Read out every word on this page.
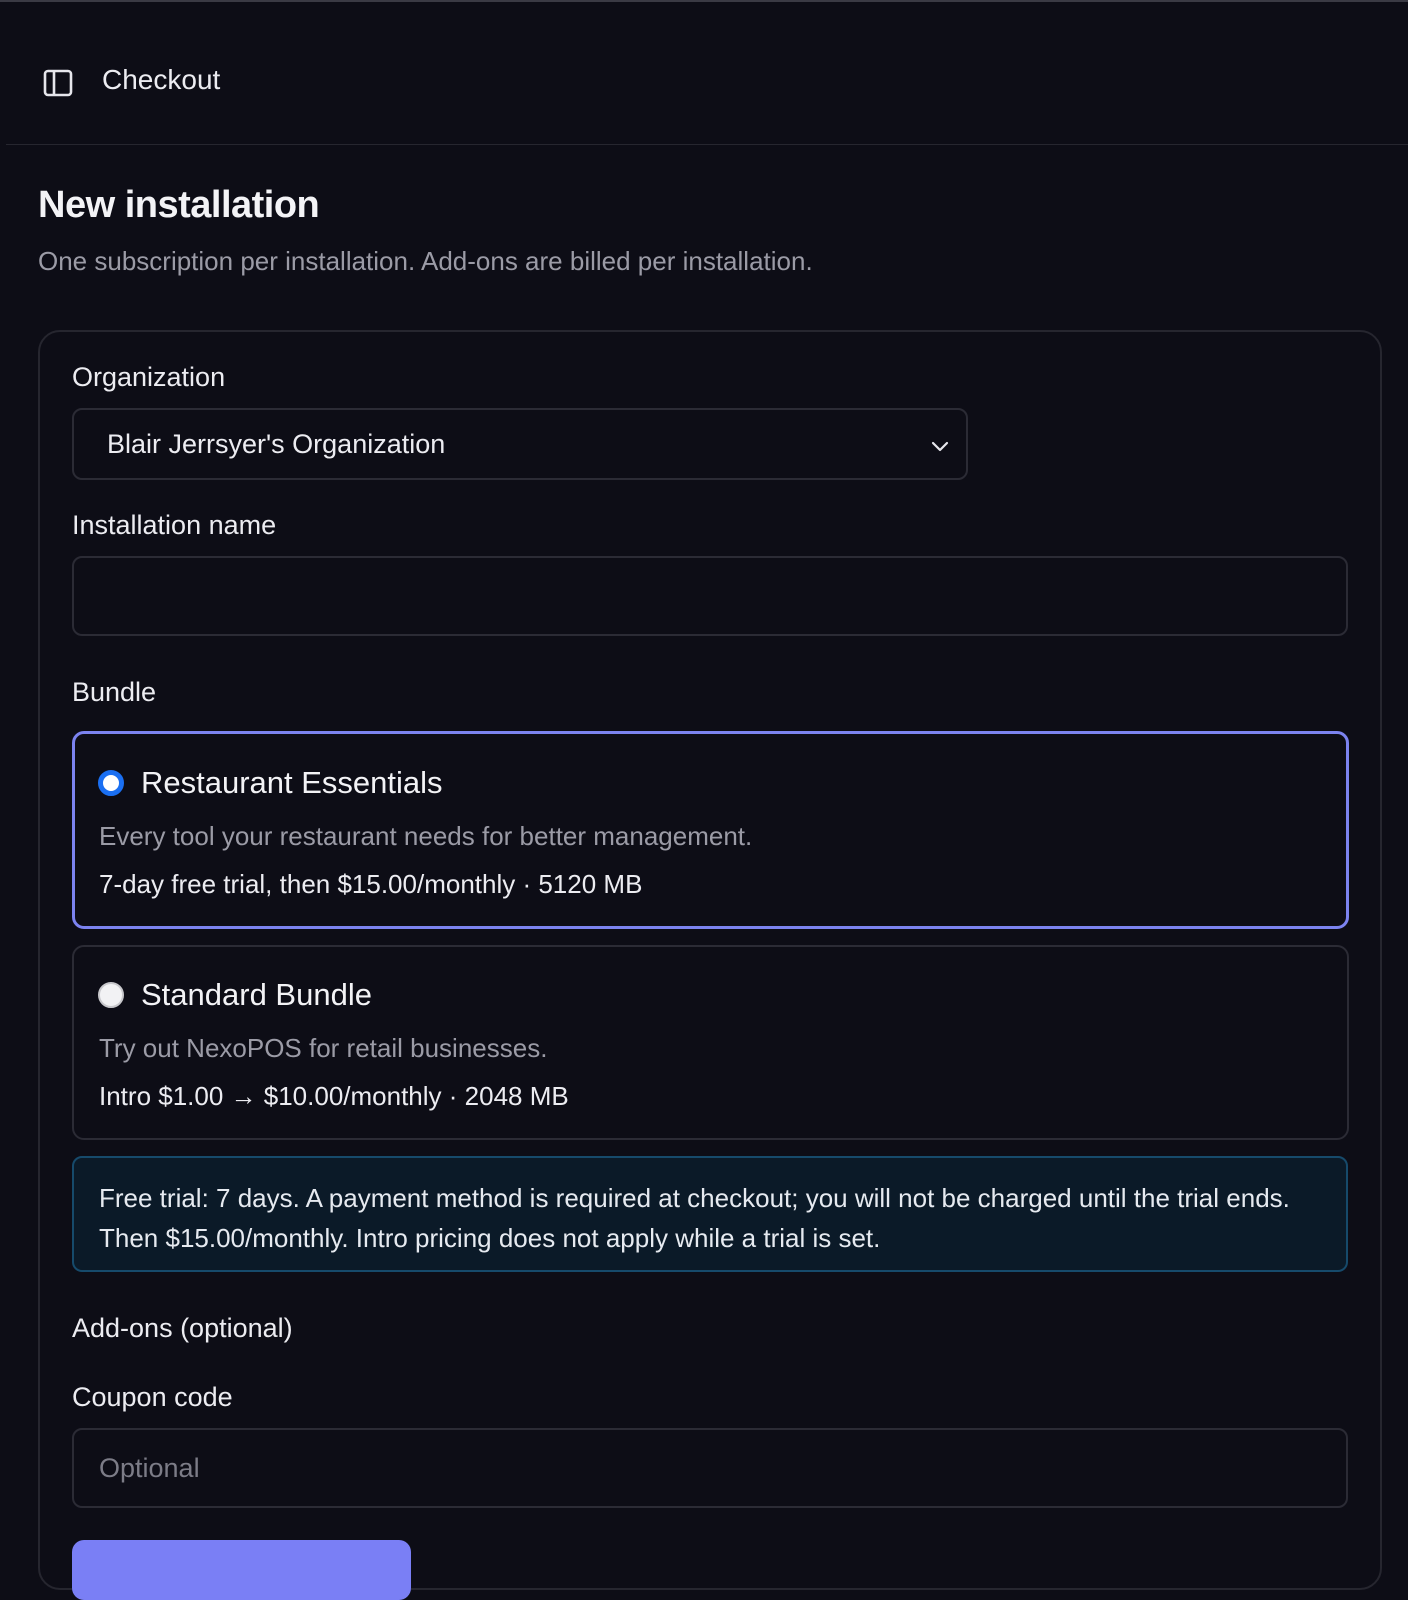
Checkout
New installation
One subscription per installation. Add-ons are billed per installation.
Organization
Blair Jerrsyer's Organization
Installation name
Bundle
Restaurant Essentials
Every tool your restaurant needs for better management.
7-day free trial, then $15.00/monthly · 5120 MB
Standard Bundle
Try out NexoPOS for retail businesses.
Intro $1.00 → $10.00/monthly · 2048 MB
Free trial: 7 days. A payment method is required at checkout; you will not be charged until the trial ends. Then $15.00/monthly. Intro pricing does not apply while a trial is set.
Add-ons (optional)
Coupon code
Optional
